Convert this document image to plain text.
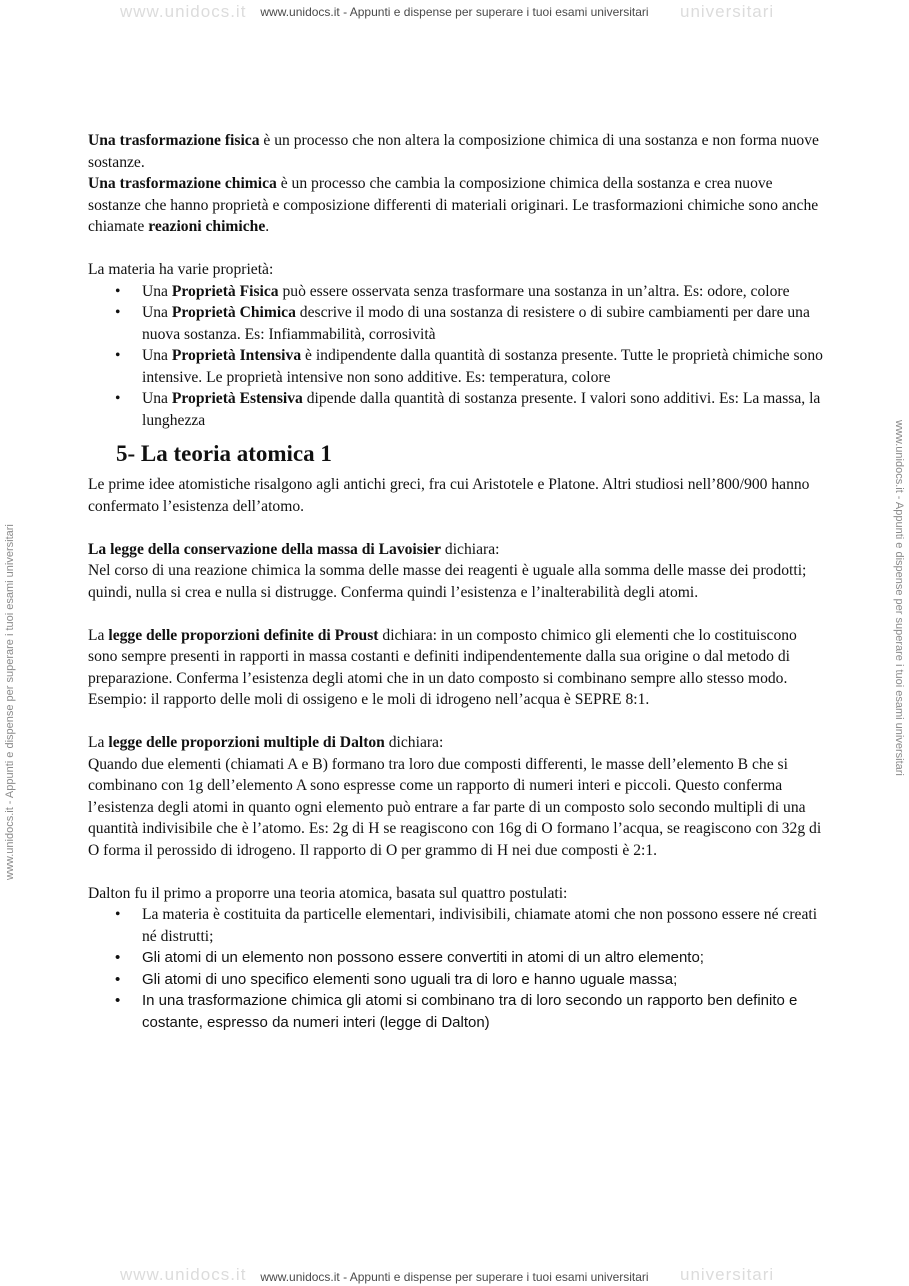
www.unidocs.it	universitari
www.unidocs.it	universitari
www.unidocs.it - Appunti e dispense per superare i tuoi esami universitari	www.unidocs.it - Appunti e dispense per superare i tuoi esami universitari
www.unidocs.it - Appunti e dispense per superare i tuoi esami universitari

Una trasformazione fisica è un processo che non altera la composizione chimica di una sostanza e non forma nuove sostanze.

Una trasformazione chimica è un processo che cambia la composizione chimica della sostanza e crea nuove sostanze che hanno proprietà e composizione differenti di materiali originari. Le trasformazioni chimiche sono anche chiamate reazioni chimiche.

La materia ha varie proprietà:

• Una Proprietà Fisica può essere osservata senza trasformare una sostanza in un’altra. Es: odore, colore
• Una Proprietà Chimica descrive il modo di una sostanza di resistere o di subire cambiamenti per dare una nuova sostanza. Es: Infiammabilità, corrosività
• Una Proprietà Intensiva è indipendente dalla quantità di sostanza presente. Tutte le proprietà chimiche sono intensive. Le proprietà intensive non sono additive. Es: temperatura, colore
• Una Proprietà Estensiva dipende dalla quantità di sostanza presente. I valori sono additivi. Es: La massa, la lunghezza
5- La teoria atomica 1

Le prime idee atomistiche risalgono agli antichi greci, fra cui Aristotele e Platone. Altri studiosi nell’800/900 hanno confermato l’esistenza dell’atomo.

La legge della conservazione della massa di Lavoisier dichiara:

Nel corso di una reazione chimica la somma delle masse dei reagenti è uguale alla somma delle masse dei prodotti; quindi, nulla si crea e nulla si distrugge. Conferma quindi l’esistenza e l’inalterabilità degli atomi.

La legge delle proporzioni definite di Proust dichiara: in un composto chimico gli elementi che lo costituiscono sono sempre presenti in rapporti in massa costanti e definiti indipendentemente dalla sua origine o dal metodo di preparazione. Conferma l’esistenza degli atomi che in un dato composto si combinano sempre allo stesso modo. Esempio: il rapporto delle moli di ossigeno e le moli di idrogeno nell’acqua è SEPRE 8:1.

La legge delle proporzioni multiple di Dalton dichiara:

Quando due elementi (chiamati A e B) formano tra loro due composti differenti, le masse dell’elemento B che si combinano con 1g dell’elemento A sono espresse come un rapporto di numeri interi e piccoli. Questo conferma l’esistenza degli atomi in quanto ogni elemento può entrare a far parte di un composto solo secondo multipli di una quantità indivisibile che è l’atomo. Es: 2g di H se reagiscono con 16g di O formano l’acqua, se reagiscono con 32g di O forma il perossido di idrogeno. Il rapporto di O per grammo di H nei due composti è 2:1.

Dalton fu il primo a proporre una teoria atomica, basata sul quattro postulati:

• La materia è costituita da particelle elementari, indivisibili, chiamate atomi che non possono essere né creati né distrutti;
• Gli atomi di un elemento non possono essere convertiti in atomi di un altro elemento;
• Gli atomi di uno specifico elementi sono uguali tra di loro e hanno uguale massa;
• In una trasformazione chimica gli atomi si combinano tra di loro secondo un rapporto ben definito e costante, espresso da numeri interi (legge di Dalton)
www.unidocs.it - Appunti e dispense per superare i tuoi esami universitari
